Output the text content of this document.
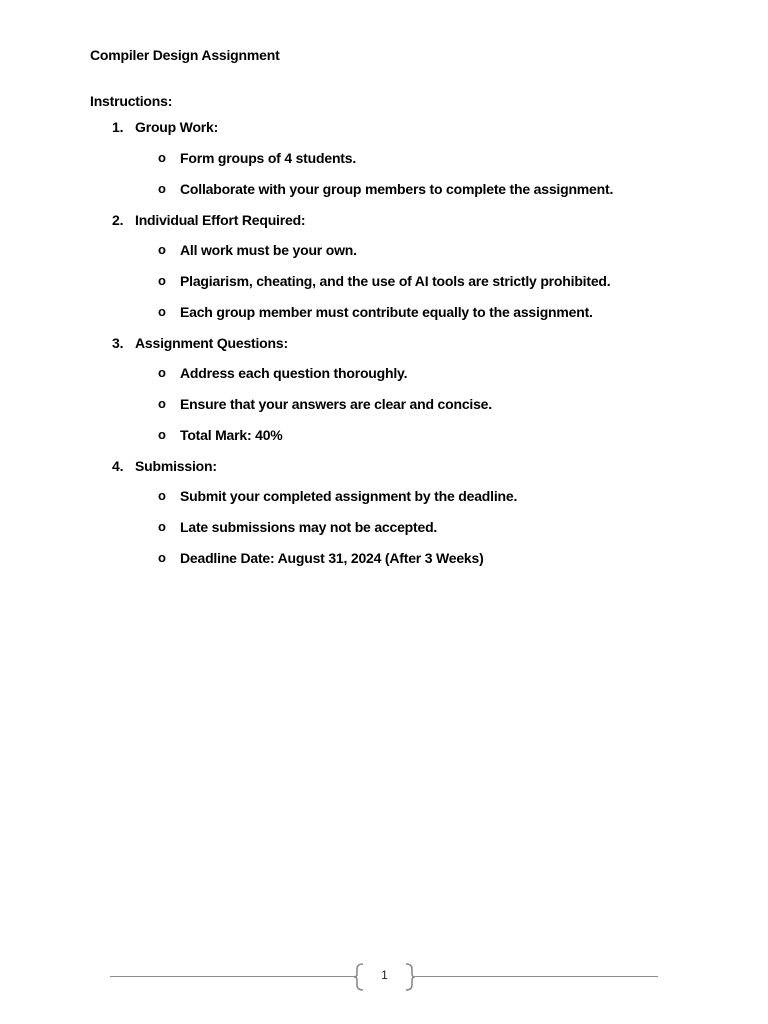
Compiler Design Assignment

Instructions:

1. Group Work:
o Form groups of 4 students.
o Collaborate with your group members to complete the assignment.
2. Individual Effort Required:
o All work must be your own.
o Plagiarism, cheating, and the use of AI tools are strictly prohibited.
o Each group member must contribute equally to the assignment.
3. Assignment Questions:
o Address each question thoroughly.
o Ensure that your answers are clear and concise.
o Total Mark: 40%
4. Submission:
o Submit your completed assignment by the deadline.
o Late submissions may not be accepted.
o Deadline Date: August 31, 2024 (After 3 Weeks)
1
